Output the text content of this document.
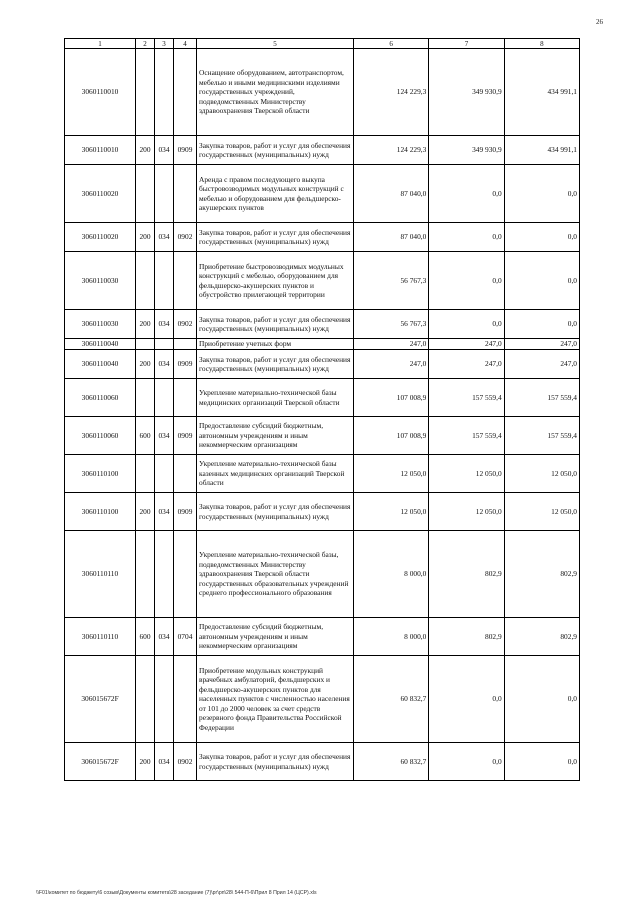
26
1	2	3	4	5	6	7	8
3060110010				Оснащение оборудованием, автотранспортом, мебелью и иными медицинскими изделиями государственных учреждений, подведомственных Министерству здравоохранения Тверской области	124 229,3	349 930,9	434 991,1
3060110010	200	034	0909	Закупка товаров, работ и услуг для обеспечения государственных (муниципальных) нужд	124 229,3	349 930,9	434 991,1
3060110020				Аренда с правом последующего выкупа быстровозводимых модульных конструкций с мебелью и оборудованием для фельдшерско-акушерских пунктов	87 040,0	0,0	0,0
3060110020	200	034	0902	Закупка товаров, работ и услуг для обеспечения государственных (муниципальных) нужд	87 040,0	0,0	0,0
3060110030				Приобретение быстровозводимых модульных конструкций с мебелью, оборудованием для фельдшерско-акушерских пунктов и обустройство прилегающей территории	56 767,3	0,0	0,0
3060110030	200	034	0902	Закупка товаров, работ и услуг для обеспечения государственных (муниципальных) нужд	56 767,3	0,0	0,0
3060110040				Приобретение учетных форм	247,0	247,0	247,0
3060110040	200	034	0909	Закупка товаров, работ и услуг для обеспечения государственных (муниципальных) нужд	247,0	247,0	247,0
3060110060				Укрепление материально-технической базы медицинских организаций Тверской области	107 008,9	157 559,4	157 559,4
3060110060	600	034	0909	Предоставление субсидий бюджетным, автономным учреждениям и иным некоммерческим организациям	107 008,9	157 559,4	157 559,4
3060110100				Укрепление материально-технической базы казенных медицинских организаций Тверской области	12 050,0	12 050,0	12 050,0
3060110100	200	034	0909	Закупка товаров, работ и услуг для обеспечения государственных (муниципальных) нужд	12 050,0	12 050,0	12 050,0
3060110110				Укрепление материально-технической базы, подведомственных Министерству здравоохранения Тверской области государственных образовательных учреждений среднего профессионального образования	8 000,0	802,9	802,9
3060110110	600	034	0704	Предоставление субсидий бюджетным, автономным учреждениям и иным некоммерческим организациям	8 000,0	802,9	802,9
306015672F				Приобретение модульных конструкций врачебных амбулаторий, фельдшерских и фельдшерско-акушерских пунктов для населенных пунктов с численностью населения от 101 до 2000 человек за счет средств резервного фонда Правительства Российской Федерации	60 832,7	0,0	0,0
306015672F	200	034	0902	Закупка товаров, работ и услуг для обеспечения государственных (муниципальных) нужд	60 832,7	0,0	0,0
\\F01\комитет по бюджету\6 созыв\Документы комитета\28 заседание (7)\рг\рп\28\ 544-П-6\Прил 8 Прил 14 (ЦСР).xls
